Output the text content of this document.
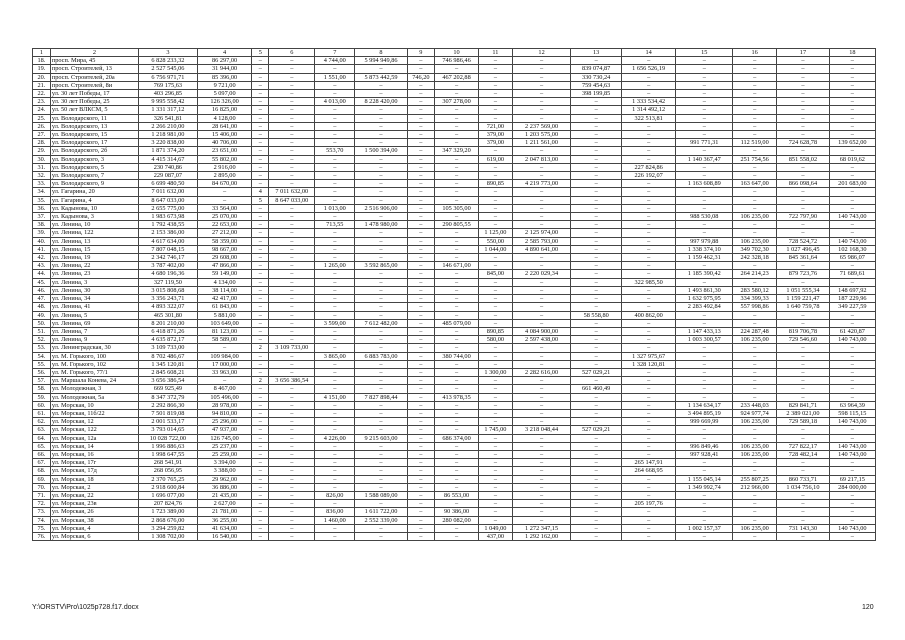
1	2	3	4	5	6	7	8	9	10	11	12	13	14	15	16	17	18
18.	просп. Мира, 45	6 828 233,32	86 297,00	–	–	4 744,00	5 994 949,86	–	746 986,46	–	–	–	–	–	–	–	–
19.	просп. Строителей, 13	2 527 545,06	31 944,00	–	–	–	–	–	–	–	–	839 074,87	1 656 526,19	–	–	–	–
20.	просп. Строителей, 20а	6 756 971,71	85 396,00	–	–	1 551,00	5 873 442,59	746,20	467 202,88	–	–	330 730,24	–	–	–	–	–
21.	просп. Строителей, 8и	769 175,63	9 721,00	–	–	–	–	–	–	–	–	759 454,63	–	–	–	–	–
22.	ул. 30 лет Победы, 17	403 296,85	5 097,00	–	–	–	–	–	–	–	–	398 199,85	–	–	–	–	–
23.	ул. 30 лет Победы, 25	9 995 558,42	126 326,00	–	–	4 013,00	8 228 420,00	–	307 278,00	–	–	–	1 333 534,42	–	–	–	–
24.	ул. 50 лет ВЛКСМ, 5	1 331 317,12	16 825,00	–	–	–	–	–	–	–	–	–	1 314 492,12	–	–	–	–
25.	ул. Володарского, 11	326 541,81	4 128,00	–	–	–	–	–	–	–	–	–	322 513,81	–	–	–	–
26.	ул. Володарского, 13	2 266 210,00	28 641,00	–	–	–	–	–	–	721,00	2 237 569,00	–	–	–	–	–	–
27.	ул. Володарского, 15	1 218 981,00	15 406,00	–	–	–	–	–	–	379,00	1 203 575,00	–	–	–	–	–	–
28.	ул. Володарского, 17	3 220 838,00	40 706,00	–	–	–	–	–	–	379,00	1 211 561,00	–	–	991 771,31	112 519,00	724 628,78	139 652,00
29.	ул. Володарского, 2б	1 871 374,20	23 651,00	–	–	553,70	1 500 394,00	–	347 329,20	–	–	–	–	–	–	–	–
30.	ул. Володарского, 3	4 415 314,67	55 802,00	–	–	–	–	–	–	619,00	2 047 813,00	–	–	1 140 367,47	251 754,56	851 558,02	68 019,62
31.	ул. Володарского, 5	230 740,86	2 916,00	–	–	–	–	–	–	–	–	–	227 824,86	–	–	–	–
32.	ул. Володарского, 7	229 087,07	2 895,00	–	–	–	–	–	–	–	–	–	226 192,07	–	–	–	–
33.	ул. Володарского, 9	6 699 480,50	84 670,00	–	–	–	–	–	–	890,85	4 219 773,00	–	–	1 163 608,89	163 647,00	866 098,64	201 683,00
34.	ул. Гагарина, 20	7 011 632,00	–	4	7 011 632,00	–	–	–	–	–	–	–	–	–	–	–	–
35.	ул. Гагарина, 4	8 647 033,00	–	5	8 647 033,00	–	–	–	–	–	–	–	–	–	–	–	–
36.	ул. Кадынова, 10	2 655 775,00	33 564,00	–	–	1 013,00	2 516 906,00	–	105 305,00	–	–	–	–	–	–	–	–
37.	ул. Кадынова, 3	1 983 673,98	25 070,00	–	–	–	–	–	–	–	–	–	–	988 530,08	106 235,00	722 797,90	140 743,00
38.	ул. Ленина, 10	1 792 438,55	22 653,00	–	–	713,55	1 478 980,00	–	290 805,55	–	–	–	–	–	–	–	–
39.	ул. Ленина, 122	2 153 386,00	27 212,00	–	–	–	–	–	–	1 125,00	2 125 974,00	–	–	–	–	–	–
40.	ул. Ленина, 13	4 617 634,00	58 359,00	–	–	–	–	–	–	550,00	2 585 793,00	–	–	997 979,88	106 235,00	728 524,72	140 743,00
41.	ул. Ленина, 15	7 807 048,15	98 667,00	–	–	–	–	–	–	1 044,00	4 890 641,00	–	–	1 338 374,10	349 702,30	1 027 496,45	102 168,30
42.	ул. Ленина, 19	2 342 746,17	29 608,00	–	–	–	–	–	–	–	–	–	–	1 159 462,31	242 328,18	845 361,64	65 986,07
43.	ул. Ленина, 22	3 787 402,00	47 866,00	–	–	1 265,00	3 592 865,00	–	146 671,00	–	–	–	–	–	–	–	–
44.	ул. Ленина, 23	4 680 196,36	59 149,00	–	–	–	–	–	–	845,00	2 220 029,34	–	–	1 185 390,42	264 214,23	879 723,76	71 689,61
45.	ул. Ленина, 3	327 119,50	4 134,00	–	–	–	–	–	–	–	–	–	322 985,50	–	–	–	–
46.	ул. Ленина, 30	3 015 808,68	38 114,00	–	–	–	–	–	–	–	–	–	–	1 493 861,30	283 580,12	1 051 555,34	148 697,92
47.	ул. Ленина, 34	3 356 243,71	42 417,00	–	–	–	–	–	–	–	–	–	–	1 632 975,95	334 399,33	1 159 221,47	187 229,96
48.	ул. Ленина, 41	4 893 322,07	61 843,00	–	–	–	–	–	–	–	–	–	–	2 283 492,84	557 998,86	1 640 759,78	349 227,59
49.	ул. Ленина, 5	465 301,80	5 881,00	–	–	–	–	–	–	–	–	58 558,80	400 862,00	–	–	–	–
50.	ул. Ленина, 69	8 201 210,00	103 649,00	–	–	3 599,00	7 612 482,00	–	485 079,00	–	–	–	–	–	–	–	–
51.	ул. Ленина, 7	6 418 871,26	81 123,00	–	–	–	–	–	–	890,85	4 084 900,00	–	–	1 147 433,13	224 287,48	819 706,78	61 420,87
52.	ул. Ленина, 9	4 635 872,17	58 589,00	–	–	–	–	–	–	580,00	2 597 438,00	–	–	1 003 300,57	106 235,00	729 546,60	140 743,00
53.	ул. Ленинградская, 30	3 109 733,00	–	2	3 109 733,00	–	–	–	–	–	–	–	–	–	–	–	–
54.	ул. М. Горького, 100	8 702 486,67	109 984,00	–	–	3 865,00	6 883 783,00	–	380 744,00	–	–	–	1 327 975,67	–	–	–	–
55.	ул. М. Горького, 102	1 345 120,81	17 000,00	–	–	–	–	–	–	–	–	–	1 328 120,81	–	–	–	–
56.	ул. М. Горького, 77/1	2 845 608,21	33 963,00	–	–	–	–	–	–	1 300,00	2 282 616,00	527 029,21	–	–	–	–	–
57.	ул. Маршала Конева, 24	3 656 386,54	–	2	3 656 386,54	–	–	–	–	–	–	–	–	–	–	–	–
58.	ул. Молодежная, 3	669 925,49	8 467,00	–	–	–	–	–	–	–	–	661 460,49	–	–	–	–	–
59.	ул. Молодежная, 5а	8 347 372,79	105 496,00	–	–	4 151,00	7 827 898,44	–	413 978,35	–	–	–	–	–	–	–	–
60.	ул. Морская, 10	2 292 866,30	28 978,00	–	–	–	–	–	–	–	–	–	–	1 134 634,17	233 448,03	829 841,71	63 964,39
61.	ул. Морская, 11б/22	7 501 819,08	94 810,00	–	–	–	–	–	–	–	–	–	–	3 494 895,19	924 977,74	2 389 021,00	598 115,15
62.	ул. Морская, 12	2 001 533,17	25 296,00	–	–	–	–	–	–	–	–	–	–	999 669,99	106 235,00	729 589,18	140 743,00
63.	ул. Морская, 122	3 793 014,65	47 937,00	–	–	–	–	–	–	1 745,00	3 218 048,44	527 029,21	–	–	–	–	–
64.	ул. Морская, 12а	10 028 722,00	126 745,00	–	–	4 226,00	9 215 603,00	–	686 374,00	–	–	–	–	–	–	–	–
65.	ул. Морская, 14	1 996 886,63	25 237,00	–	–	–	–	–	–	–	–	–	–	996 849,46	106 235,00	727 822,17	140 743,00
66.	ул. Морская, 16	1 998 647,55	25 259,00	–	–	–	–	–	–	–	–	–	–	997 928,41	106 235,00	728 482,14	140 743,00
67.	ул. Морская, 17г	268 541,91	3 394,00	–	–	–	–	–	–	–	–	–	265 147,91	–	–	–	–
68.	ул. Морская, 17д	268 056,95	3 388,00	–	–	–	–	–	–	–	–	–	264 668,95	–	–	–	–
69.	ул. Морская, 18	2 370 765,25	29 962,00	–	–	–	–	–	–	–	–	–	–	1 155 045,14	255 807,25	860 733,71	69 217,15
70.	ул. Морская, 2	2 918 600,84	36 886,00	–	–	–	–	–	–	–	–	–	–	1 349 992,74	212 966,00	1 034 756,10	284 000,00
71.	ул. Морская, 22	1 696 077,00	21 435,00	–	–	826,00	1 588 089,00	–	86 553,00	–	–	–	–	–	–	–	–
72.	ул. Морская, 23в	207 824,76	2 627,00	–	–	–	–	–	–	–	–	–	205 197,76	–	–	–	–
73.	ул. Морская, 26	1 723 389,00	21 781,00	–	–	836,00	1 611 722,00	–	90 386,00	–	–	–	–	–	–	–	–
74.	ул. Морская, 38	2 868 676,00	36 255,00	–	–	1 460,00	2 552 339,00	–	280 082,00	–	–	–	–	–	–	–	–
75.	ул. Морская, 4	3 294 259,82	41 634,00	–	–	–	–	–	–	1 049,00	1 272 347,15	–	–	1 002 157,37	106 235,00	731 143,30	140 743,00
76.	ул. Морская, 6	1 308 702,00	16 540,00	–	–	–	–	–	–	437,00	1 292 162,00	–	–	–	–	–	–
Y:\ORSTV\Pro\1025p728.f17.docx	120
